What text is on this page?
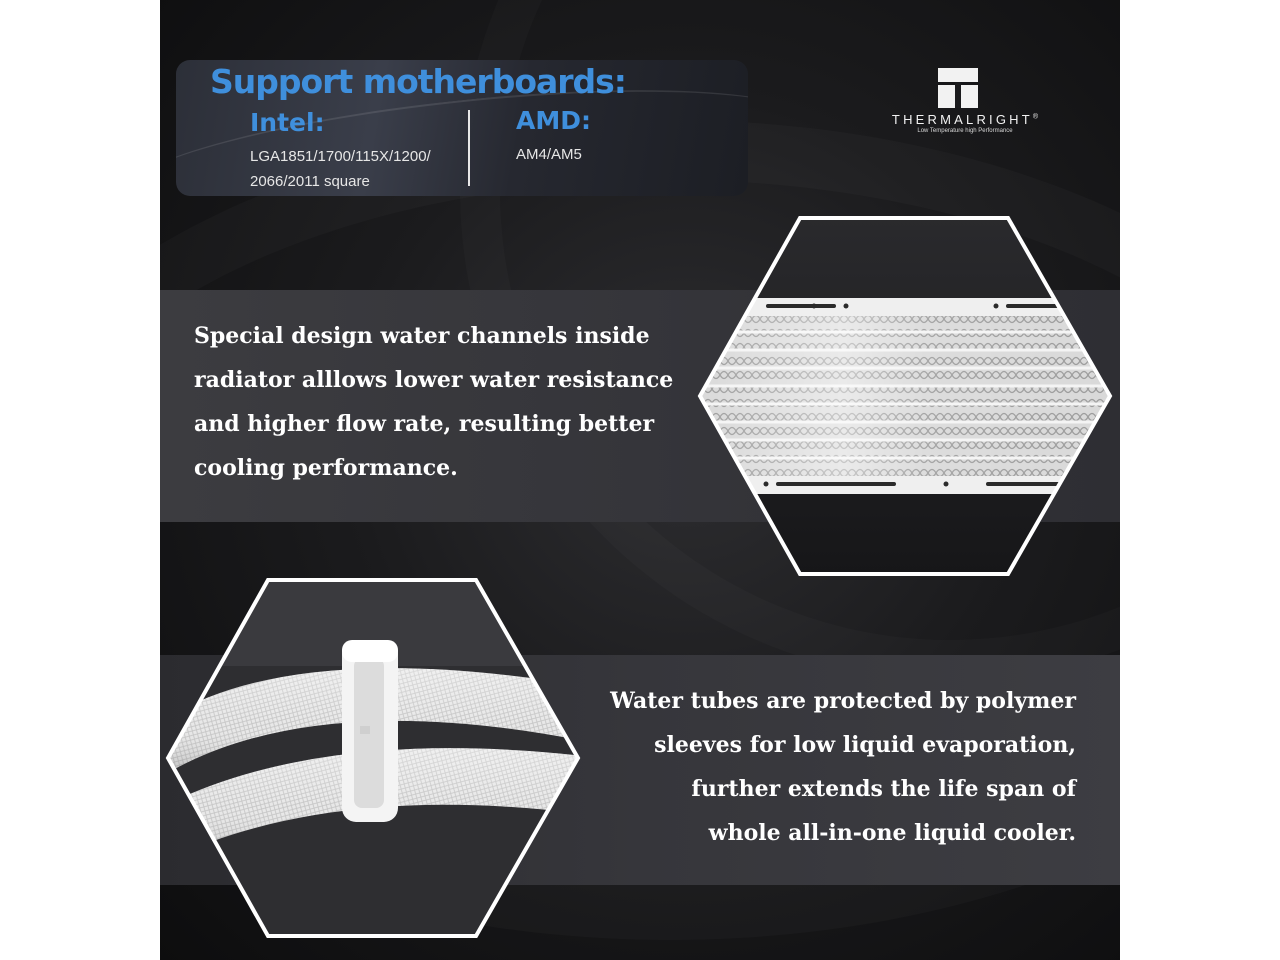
Support motherboards:
Intel:
LGA1851/1700/115X/1200/
2066/2011 square
AMD:
AM4/AM5
THERMALRIGHT®
Low Temperature high Performance

Special design water channels inside

radiator alllows lower water resistance

and higher flow rate, resulting better

cooling performance.

Water tubes are protected by polymer

sleeves for low liquid evaporation,

further extends the life span of

whole all-in-one liquid cooler.
